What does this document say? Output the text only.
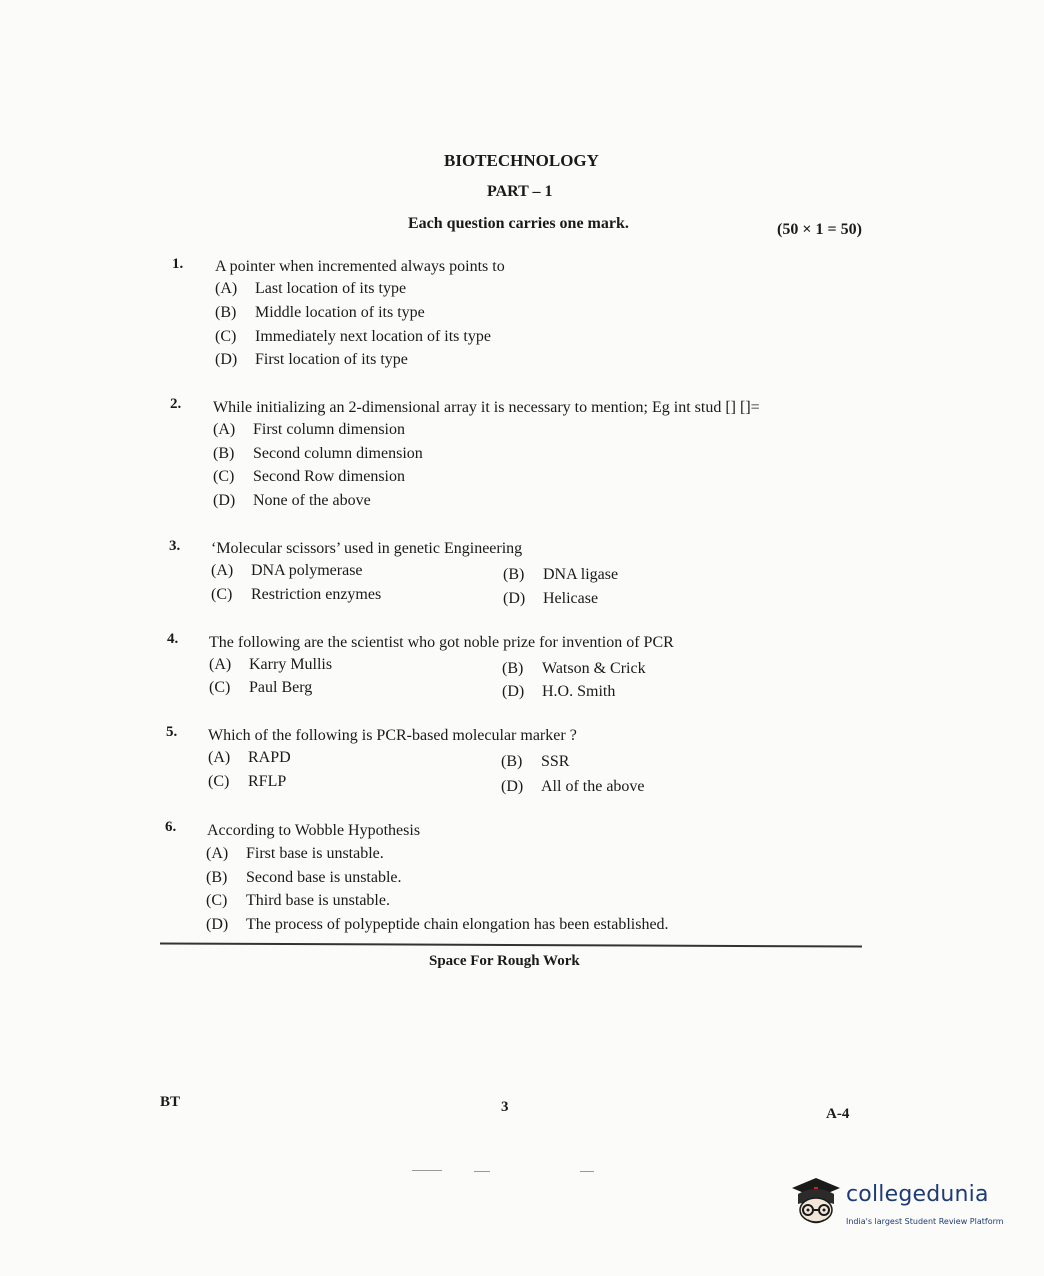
BIOTECHNOLOGY
PART – 1
Each question carries one mark.	(50 × 1 = 50)
1. A pointer when incremented always points to
(A) Last location of its type
(B) Middle location of its type
(C) Immediately next location of its type
(D) First location of its type
2. While initializing an 2-dimensional array it is necessary to mention; Eg int stud [] []=
(A) First column dimension
(B) Second column dimension
(C) Second Row dimension
(D) None of the above
3. ‘Molecular scissors’ used in genetic Engineering
(A) DNA polymerase	(B) DNA ligase
(C) Restriction enzymes	(D) Helicase
4. The following are the scientist who got noble prize for invention of PCR
(A) Karry Mullis	(B) Watson & Crick
(C) Paul Berg	(D) H.O. Smith
5. Which of the following is PCR-based molecular marker ?
(A) RAPD	(B) SSR
(C) RFLP	(D) All of the above
6. According to Wobble Hypothesis
(A) First base is unstable.
(B) Second base is unstable.
(C) Third base is unstable.
(D) The process of polypeptide chain elongation has been established.
Space For Rough Work
BT	3	A-4
collegedunia
India's largest Student Review Platform
